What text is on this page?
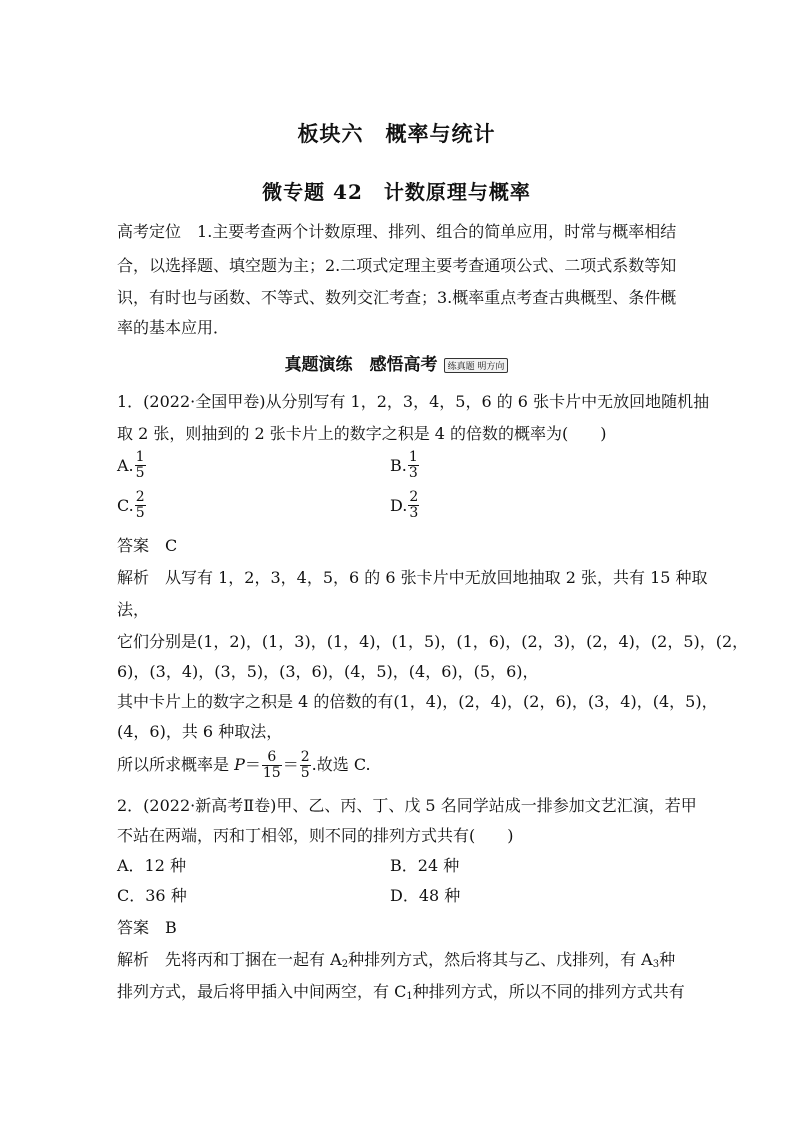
板块六　概率与统计
微专题 42　计数原理与概率
高考定位　 1.主要考查两个计数原理、排列、组合的简单应用，时常与概率相结
合，以选择题、填空题为主；2.二项式定理主要考查通项公式、二项式系数等知
识，有时也与函数、不等式、数列交汇考查；3.概率重点考查古典概型、条件概
率的基本应用．
真题演练　感悟高考 练真题 明方向
1．(2022·全国甲卷)从分别写有 1，2，3，4，5，6 的 6 张卡片中无放回地随机抽
取 2 张，则抽到的 2 张卡片上的数字之积是 4 的倍数的概率为(　　)
A. $\frac{1}{5}$	B. $\frac{1}{3}$
C. $\frac{2}{5}$	D. $\frac{2}{3}$
答案　 C
解析　 从写有 1，2，3，4，5，6 的 6 张卡片中无放回地抽取 2 张，共有 15 种取
法，
它们分别是(1，2)，(1，3)，(1，4)，(1，5)，(1，6)，(2，3)，(2，4)，(2，5)，(2，
6)，(3，4)，(3，5)，(3，6)，(4，5)，(4，6)，(5，6)，
其中卡片上的数字之积是 4 的倍数的有(1，4)，(2，4)，(2，6)，(3，4)，(4，5)，
(4，6)，共 6 种取法，
所以所求概率是 $P= \frac{6}{15} = \frac{2}{5}$ .故选 C.
2．(2022·新高考Ⅱ卷)甲、乙、丙、丁、戊 5 名同学站成一排参加文艺汇演，若甲
不站在两端，丙和丁相邻，则不同的排列方式共有(　　)
A．12 种	B．24 种
C．36 种	D．48 种
答案　 B
解析　 先将丙和丁捆在一起有 A2种排列方式，然后将其与乙、戊排列，有 A3种
排列方式，最后将甲插入中间两空，有 C1种排列方式，所以不同的排列方式共有
